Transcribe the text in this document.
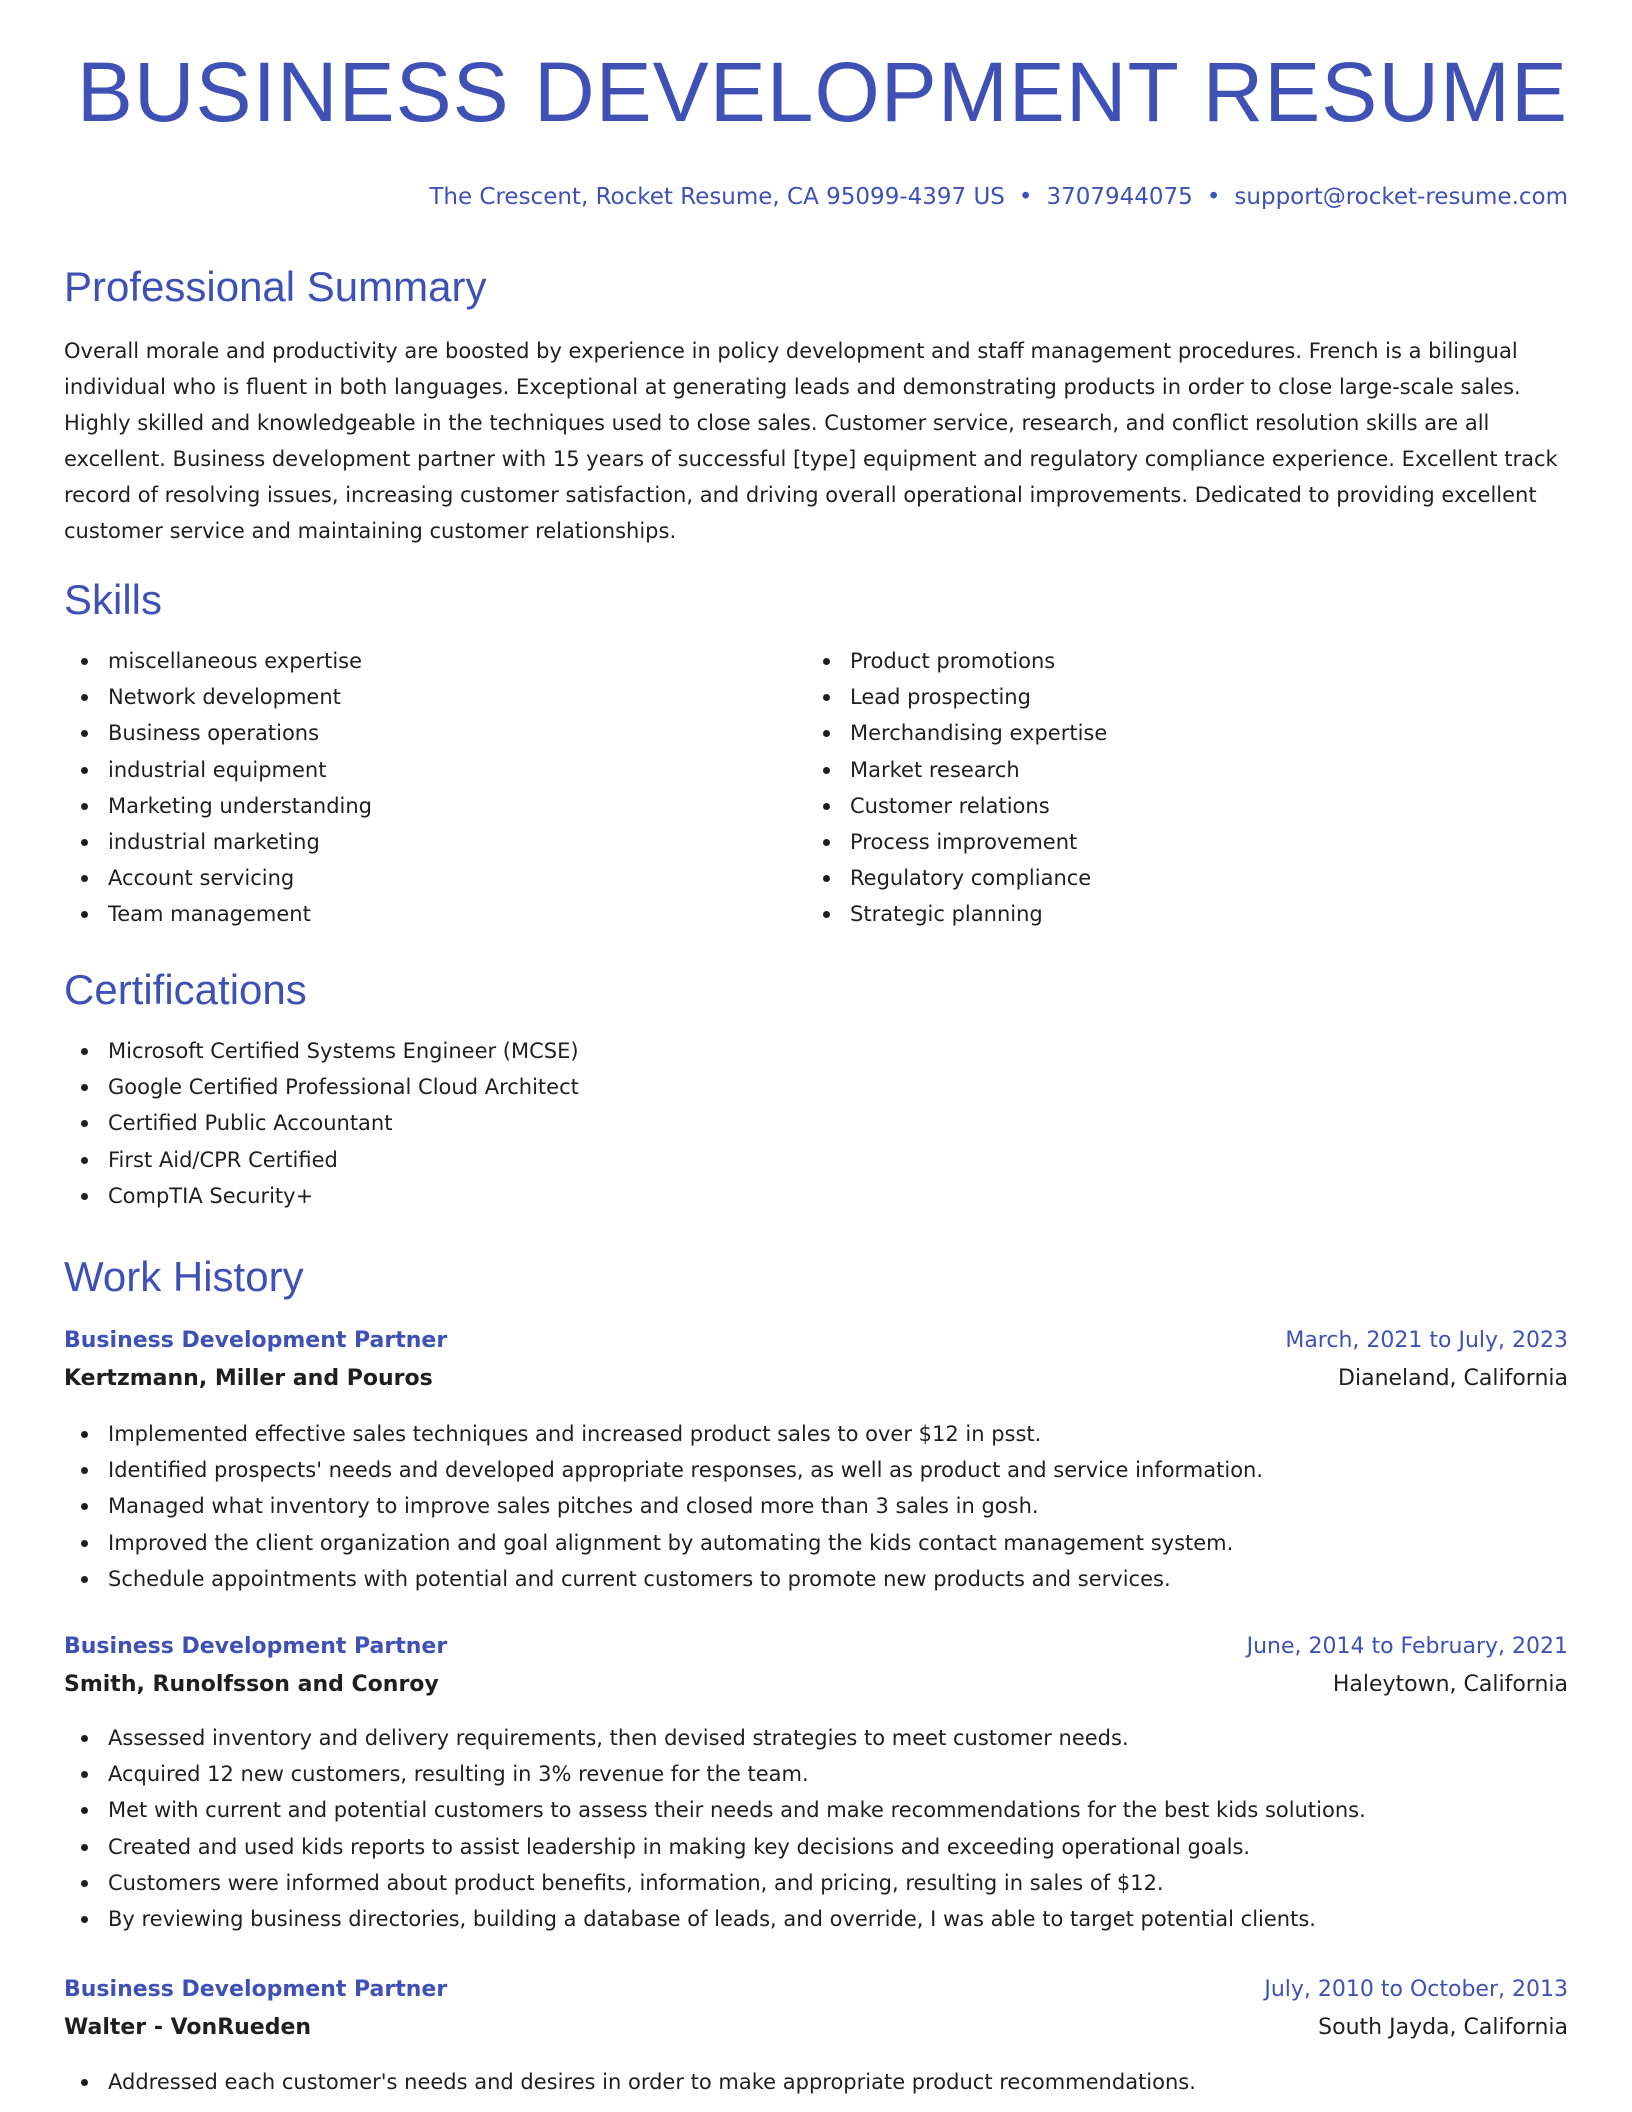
BUSINESS DEVELOPMENT RESUME
The Crescent, Rocket Resume, CA 95099-4397 US • 3707944075 • support@rocket-resume.com
Professional Summary

Overall morale and productivity are boosted by experience in policy development and staff management procedures. French is a bilingual individual who is fluent in both languages. Exceptional at generating leads and demonstrating products in order to close large-scale sales. Highly skilled and knowledgeable in the techniques used to close sales. Customer service, research, and conflict resolution skills are all excellent. Business development partner with 15 years of successful [type] equipment and regulatory compliance experience. Excellent track record of resolving issues, increasing customer satisfaction, and driving overall operational improvements. Dedicated to providing excellent customer service and maintaining customer relationships.

Skills
miscellaneous expertise
Network development
Business operations
industrial equipment
Marketing understanding
industrial marketing
Account servicing
Team management
Product promotions
Lead prospecting
Merchandising expertise
Market research
Customer relations
Process improvement
Regulatory compliance
Strategic planning
Certifications
Microsoft Certified Systems Engineer (MCSE)
Google Certified Professional Cloud Architect
Certified Public Accountant
First Aid/CPR Certified
CompTIA Security+
Work History
Business Development Partner	March, 2021 to July, 2023
Kertzmann, Miller and Pouros	Dianeland, California
Implemented effective sales techniques and increased product sales to over $12 in psst.
Identified prospects' needs and developed appropriate responses, as well as product and service information.
Managed what inventory to improve sales pitches and closed more than 3 sales in gosh.
Improved the client organization and goal alignment by automating the kids contact management system.
Schedule appointments with potential and current customers to promote new products and services.
Business Development Partner	June, 2014 to February, 2021
Smith, Runolfsson and Conroy	Haleytown, California
Assessed inventory and delivery requirements, then devised strategies to meet customer needs.
Acquired 12 new customers, resulting in 3% revenue for the team.
Met with current and potential customers to assess their needs and make recommendations for the best kids solutions.
Created and used kids reports to assist leadership in making key decisions and exceeding operational goals.
Customers were informed about product benefits, information, and pricing, resulting in sales of $12.
By reviewing business directories, building a database of leads, and override, I was able to target potential clients.
Business Development Partner	July, 2010 to October, 2013
Walter - VonRueden	South Jayda, California
Addressed each customer's needs and desires in order to make appropriate product recommendations.
